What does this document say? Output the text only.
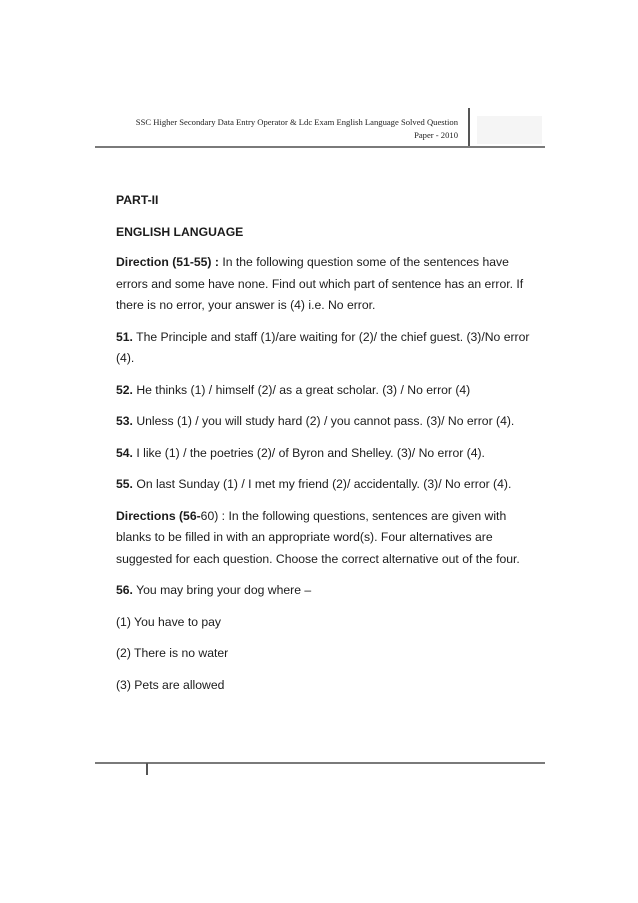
SSC Higher Secondary Data Entry Operator & Ldc Exam English Language Solved Question
Paper - 2010

PART-II

ENGLISH LANGUAGE

Direction (51-55) : In the following question some of the sentences have errors and some have none. Find out which part of sentence has an error. If there is no error, your answer is (4) i.e. No error.

51. The Principle and staff (1)/are waiting for (2)/ the chief guest. (3)/No error (4).

52. He thinks (1) / himself (2)/ as a great scholar. (3) / No error (4)

53. Unless (1) / you will study hard (2) / you cannot pass. (3)/ No error (4).

54. I like (1) / the poetries (2)/ of Byron and Shelley. (3)/ No error (4).

55. On last Sunday (1) / I met my friend (2)/ accidentally. (3)/ No error (4).

Directions (56-60) : In the following questions, sentences are given with blanks to be filled in with an appropriate word(s). Four alternatives are suggested for each question. Choose the correct alternative out of the four.

56. You may bring your dog where –

(1) You have to pay

(2) There is no water

(3) Pets are allowed
